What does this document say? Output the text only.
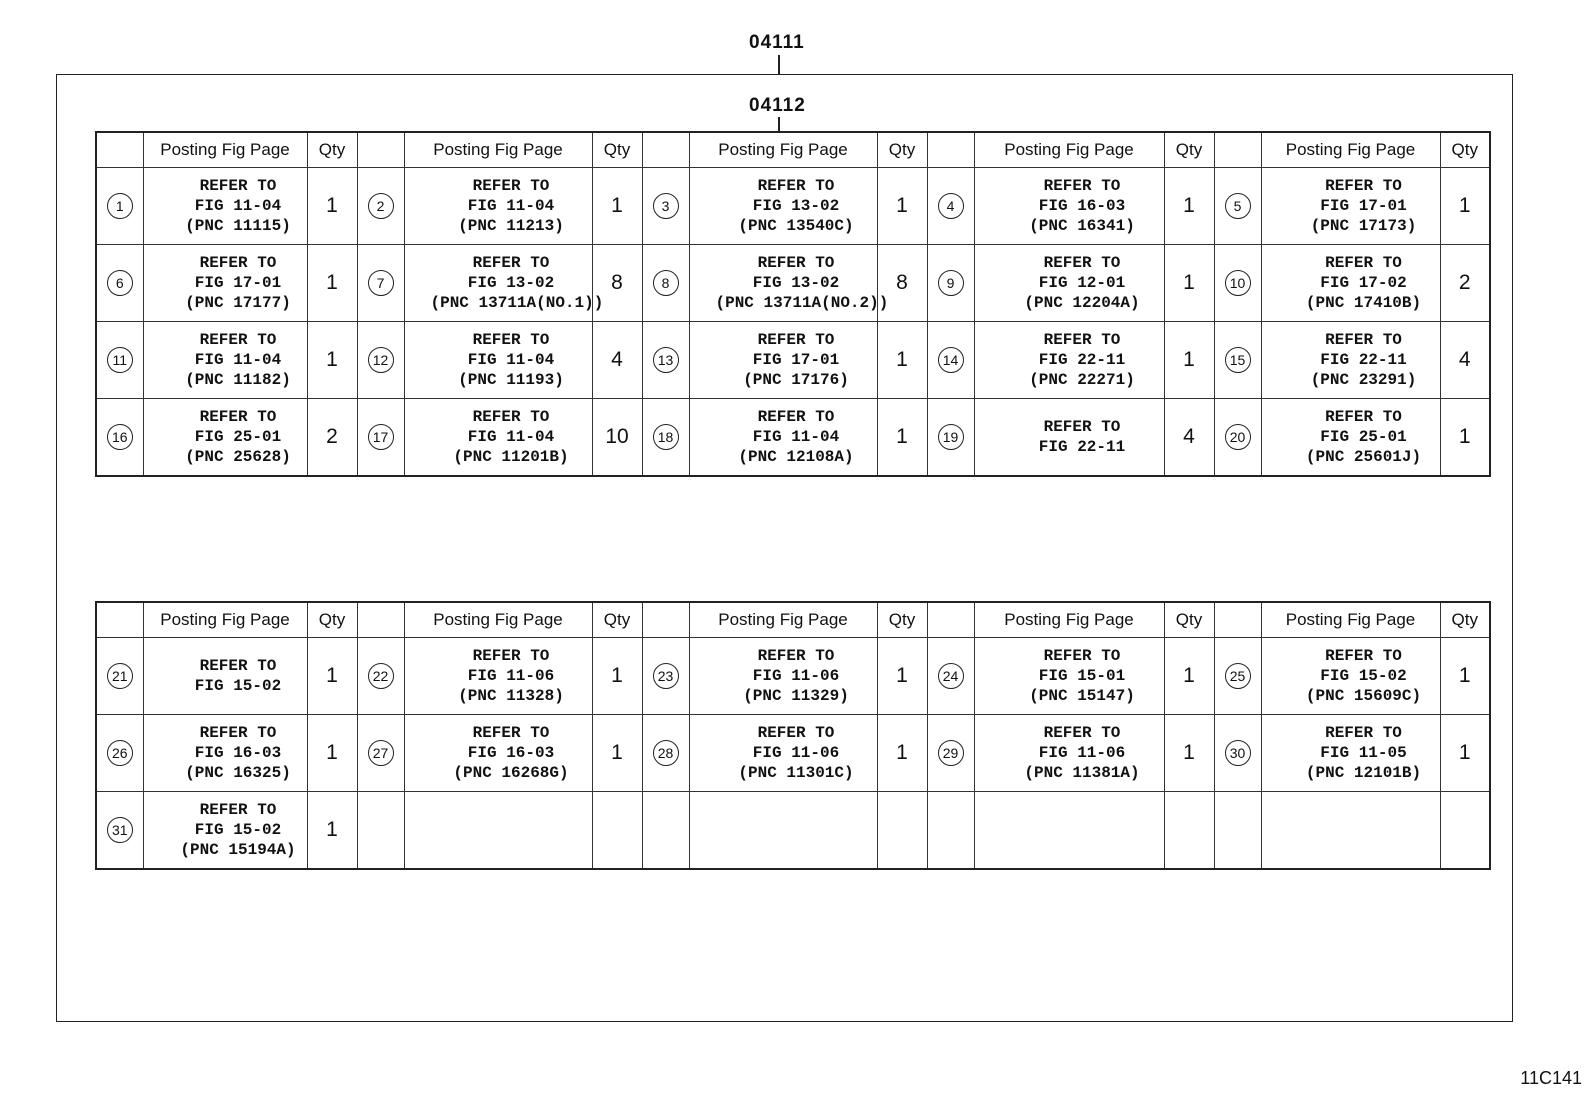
04111
04112
	Posting Fig Page	Qty		Posting Fig Page	Qty		Posting Fig Page	Qty		Posting Fig Page	Qty		Posting Fig Page	Qty
1	REFER TO
FIG 11-04
(PNC 11115)	1	2	REFER TO
FIG 11-04
(PNC 11213)	1	3	REFER TO
FIG 13-02
(PNC 13540C)	1	4	REFER TO
FIG 16-03
(PNC 16341)	1	5	REFER TO
FIG 17-01
(PNC 17173)	1
6	REFER TO
FIG 17-01
(PNC 17177)	1	7	REFER TO
FIG 13-02
(PNC 13711A(NO.1))	8	8	REFER TO
FIG 13-02
(PNC 13711A(NO.2))	8	9	REFER TO
FIG 12-01
(PNC 12204A)	1	10	REFER TO
FIG 17-02
(PNC 17410B)	2
11	REFER TO
FIG 11-04
(PNC 11182)	1	12	REFER TO
FIG 11-04
(PNC 11193)	4	13	REFER TO
FIG 17-01
(PNC 17176)	1	14	REFER TO
FIG 22-11
(PNC 22271)	1	15	REFER TO
FIG 22-11
(PNC 23291)	4
16	REFER TO
FIG 25-01
(PNC 25628)	2	17	REFER TO
FIG 11-04
(PNC 11201B)	10	18	REFER TO
FIG 11-04
(PNC 12108A)	1	19	REFER TO
FIG 22-11	4	20	REFER TO
FIG 25-01
(PNC 25601J)	1
	Posting Fig Page	Qty		Posting Fig Page	Qty		Posting Fig Page	Qty		Posting Fig Page	Qty		Posting Fig Page	Qty
21	REFER TO
FIG 15-02	1	22	REFER TO
FIG 11-06
(PNC 11328)	1	23	REFER TO
FIG 11-06
(PNC 11329)	1	24	REFER TO
FIG 15-01
(PNC 15147)	1	25	REFER TO
FIG 15-02
(PNC 15609C)	1
26	REFER TO
FIG 16-03
(PNC 16325)	1	27	REFER TO
FIG 16-03
(PNC 16268G)	1	28	REFER TO
FIG 11-06
(PNC 11301C)	1	29	REFER TO
FIG 11-06
(PNC 11381A)	1	30	REFER TO
FIG 11-05
(PNC 12101B)	1
31	REFER TO
FIG 15-02
(PNC 15194A)	1												
11C141
